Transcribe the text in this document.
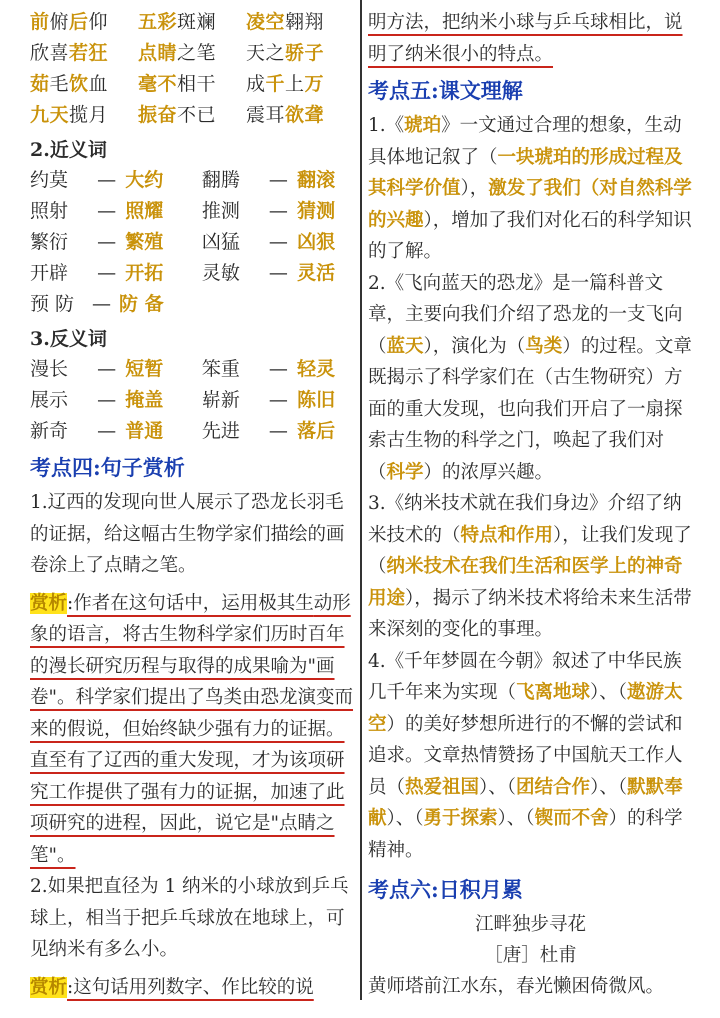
前俯后仰	五彩斑斓	凌空翱翔
欣喜若狂	点睛之笔	天之骄子
茹毛饮血	毫不相干	成千上万
九天揽月	振奋不已	震耳欲聋
2.近义词
约莫	— 大约	翻腾	— 翻滚
照射	— 照耀	推测	— 猜测
繁衍	— 繁殖	凶猛	— 凶狠
开辟	— 开拓	灵敏	— 灵活
预 防 — 防 备
3.反义词
漫长	— 短暂	笨重	— 轻灵
展示	— 掩盖	崭新	— 陈旧
新奇	— 普通	先进	— 落后
考点四:句子赏析
1.辽西的发现向世人展示了恐龙长羽毛的证据，给这幅古生物学家们描绘的画卷涂上了点睛之笔。
赏析:作者在这句话中，运用极其生动形象的语言，将古生物科学家们历时百年的漫长研究历程与取得的成果喻为"画卷"。科学家们提出了鸟类由恐龙演变而来的假说，但始终缺少强有力的证据。直至有了辽西的重大发现，才为该项研究工作提供了强有力的证据，加速了此项研究的进程，因此，说它是"点睛之笔"。
2.如果把直径为 1 纳米的小球放到乒乓球上，相当于把乒乓球放在地球上，可见纳米有多么小。
赏析:这句话用列数字、作比较的说
明方法，把纳米小球与乒乓球相比，说明了纳米很小的特点。
考点五:课文理解
1.《琥珀》一文通过合理的想象，生动具体地记叙了（一块琥珀的形成过程及其科学价值），激发了我们（对自然科学的兴趣），增加了我们对化石的科学知识的了解。
2.《飞向蓝天的恐龙》是一篇科普文章，主要向我们介绍了恐龙的一支飞向（蓝天），演化为（鸟类）的过程。文章既揭示了科学家们在（古生物研究）方面的重大发现，也向我们开启了一扇探索古生物的科学之门，唤起了我们对（科学）的浓厚兴趣。
3.《纳米技术就在我们身边》介绍了纳米技术的（特点和作用），让我们发现了（纳米技术在我们生活和医学上的神奇用途），揭示了纳米技术将给未来生活带来深刻的变化的事理。
4.《千年梦圆在今朝》叙述了中华民族几千年来为实现（飞离地球）、（遨游太空）的美好梦想所进行的不懈的尝试和追求。文章热情赞扬了中国航天工作人员（热爱祖国）、（团结合作）、（默默奉献）、（勇于探索）、（锲而不舍）的科学精神。
考点六:日积月累
江畔独步寻花
［唐］杜甫
黄师塔前江水东，春光懒困倚微风。
